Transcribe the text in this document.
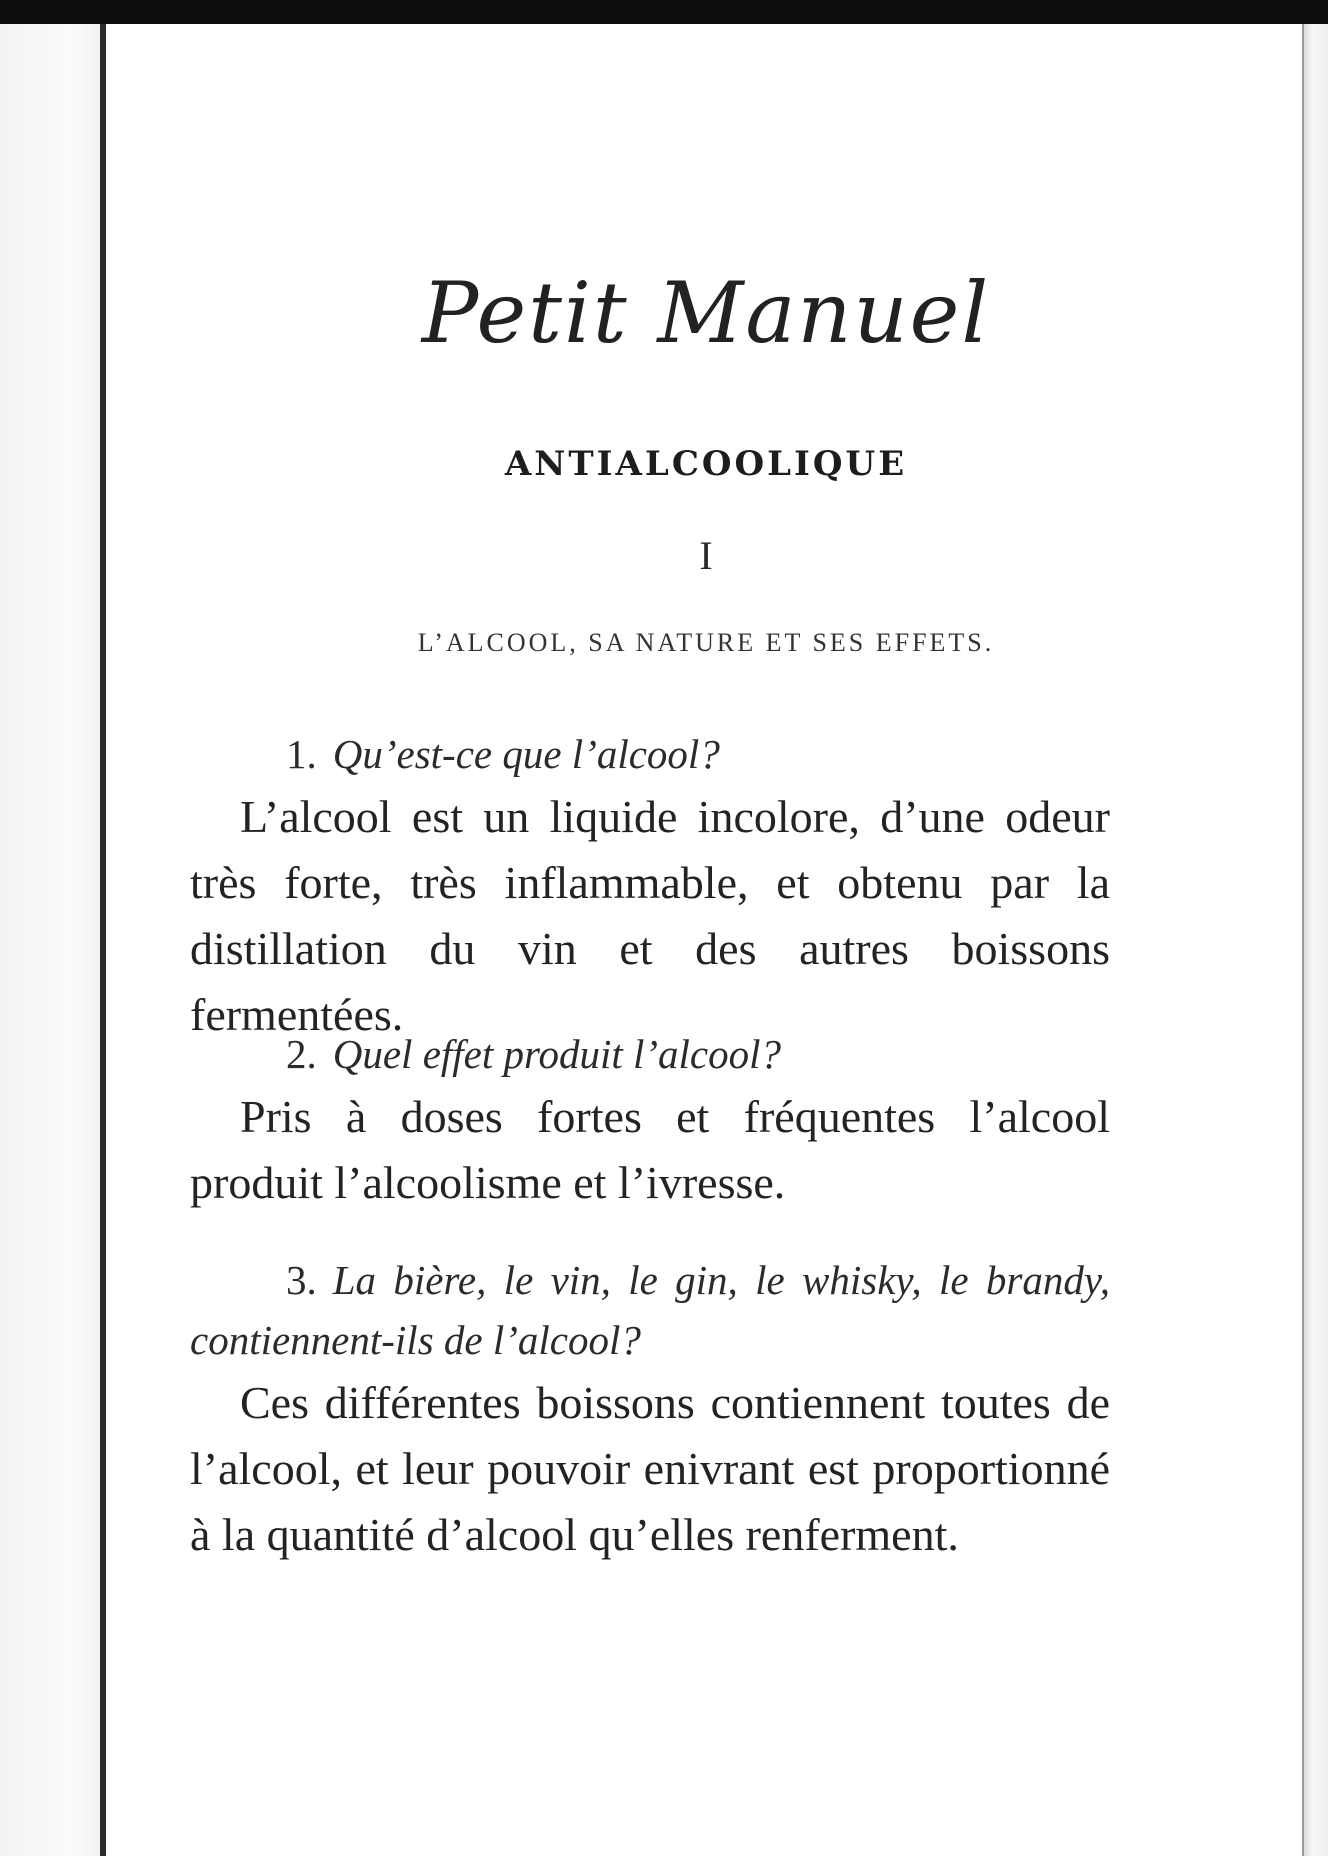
Petit Manuel
ANTIALCOOLIQUE
I
L’ALCOOL, SA NATURE ET SES EFFETS.
1. Qu’est-ce que l’alcool?

L’alcool est un liquide incolore, d’une odeur très forte, très inflammable, et obtenu par la distillation du vin et des autres boissons fermentées.

2. Quel effet produit l’alcool?

Pris à doses fortes et fréquentes l’alcool produit l’alcoolisme et l’ivresse.

3. La bière, le vin, le gin, le whisky, le brandy, contiennent-ils de l’alcool?

Ces différentes boissons contiennent toutes de l’alcool, et leur pouvoir enivrant est proportionné à la quantité d’alcool qu’elles renferment.
